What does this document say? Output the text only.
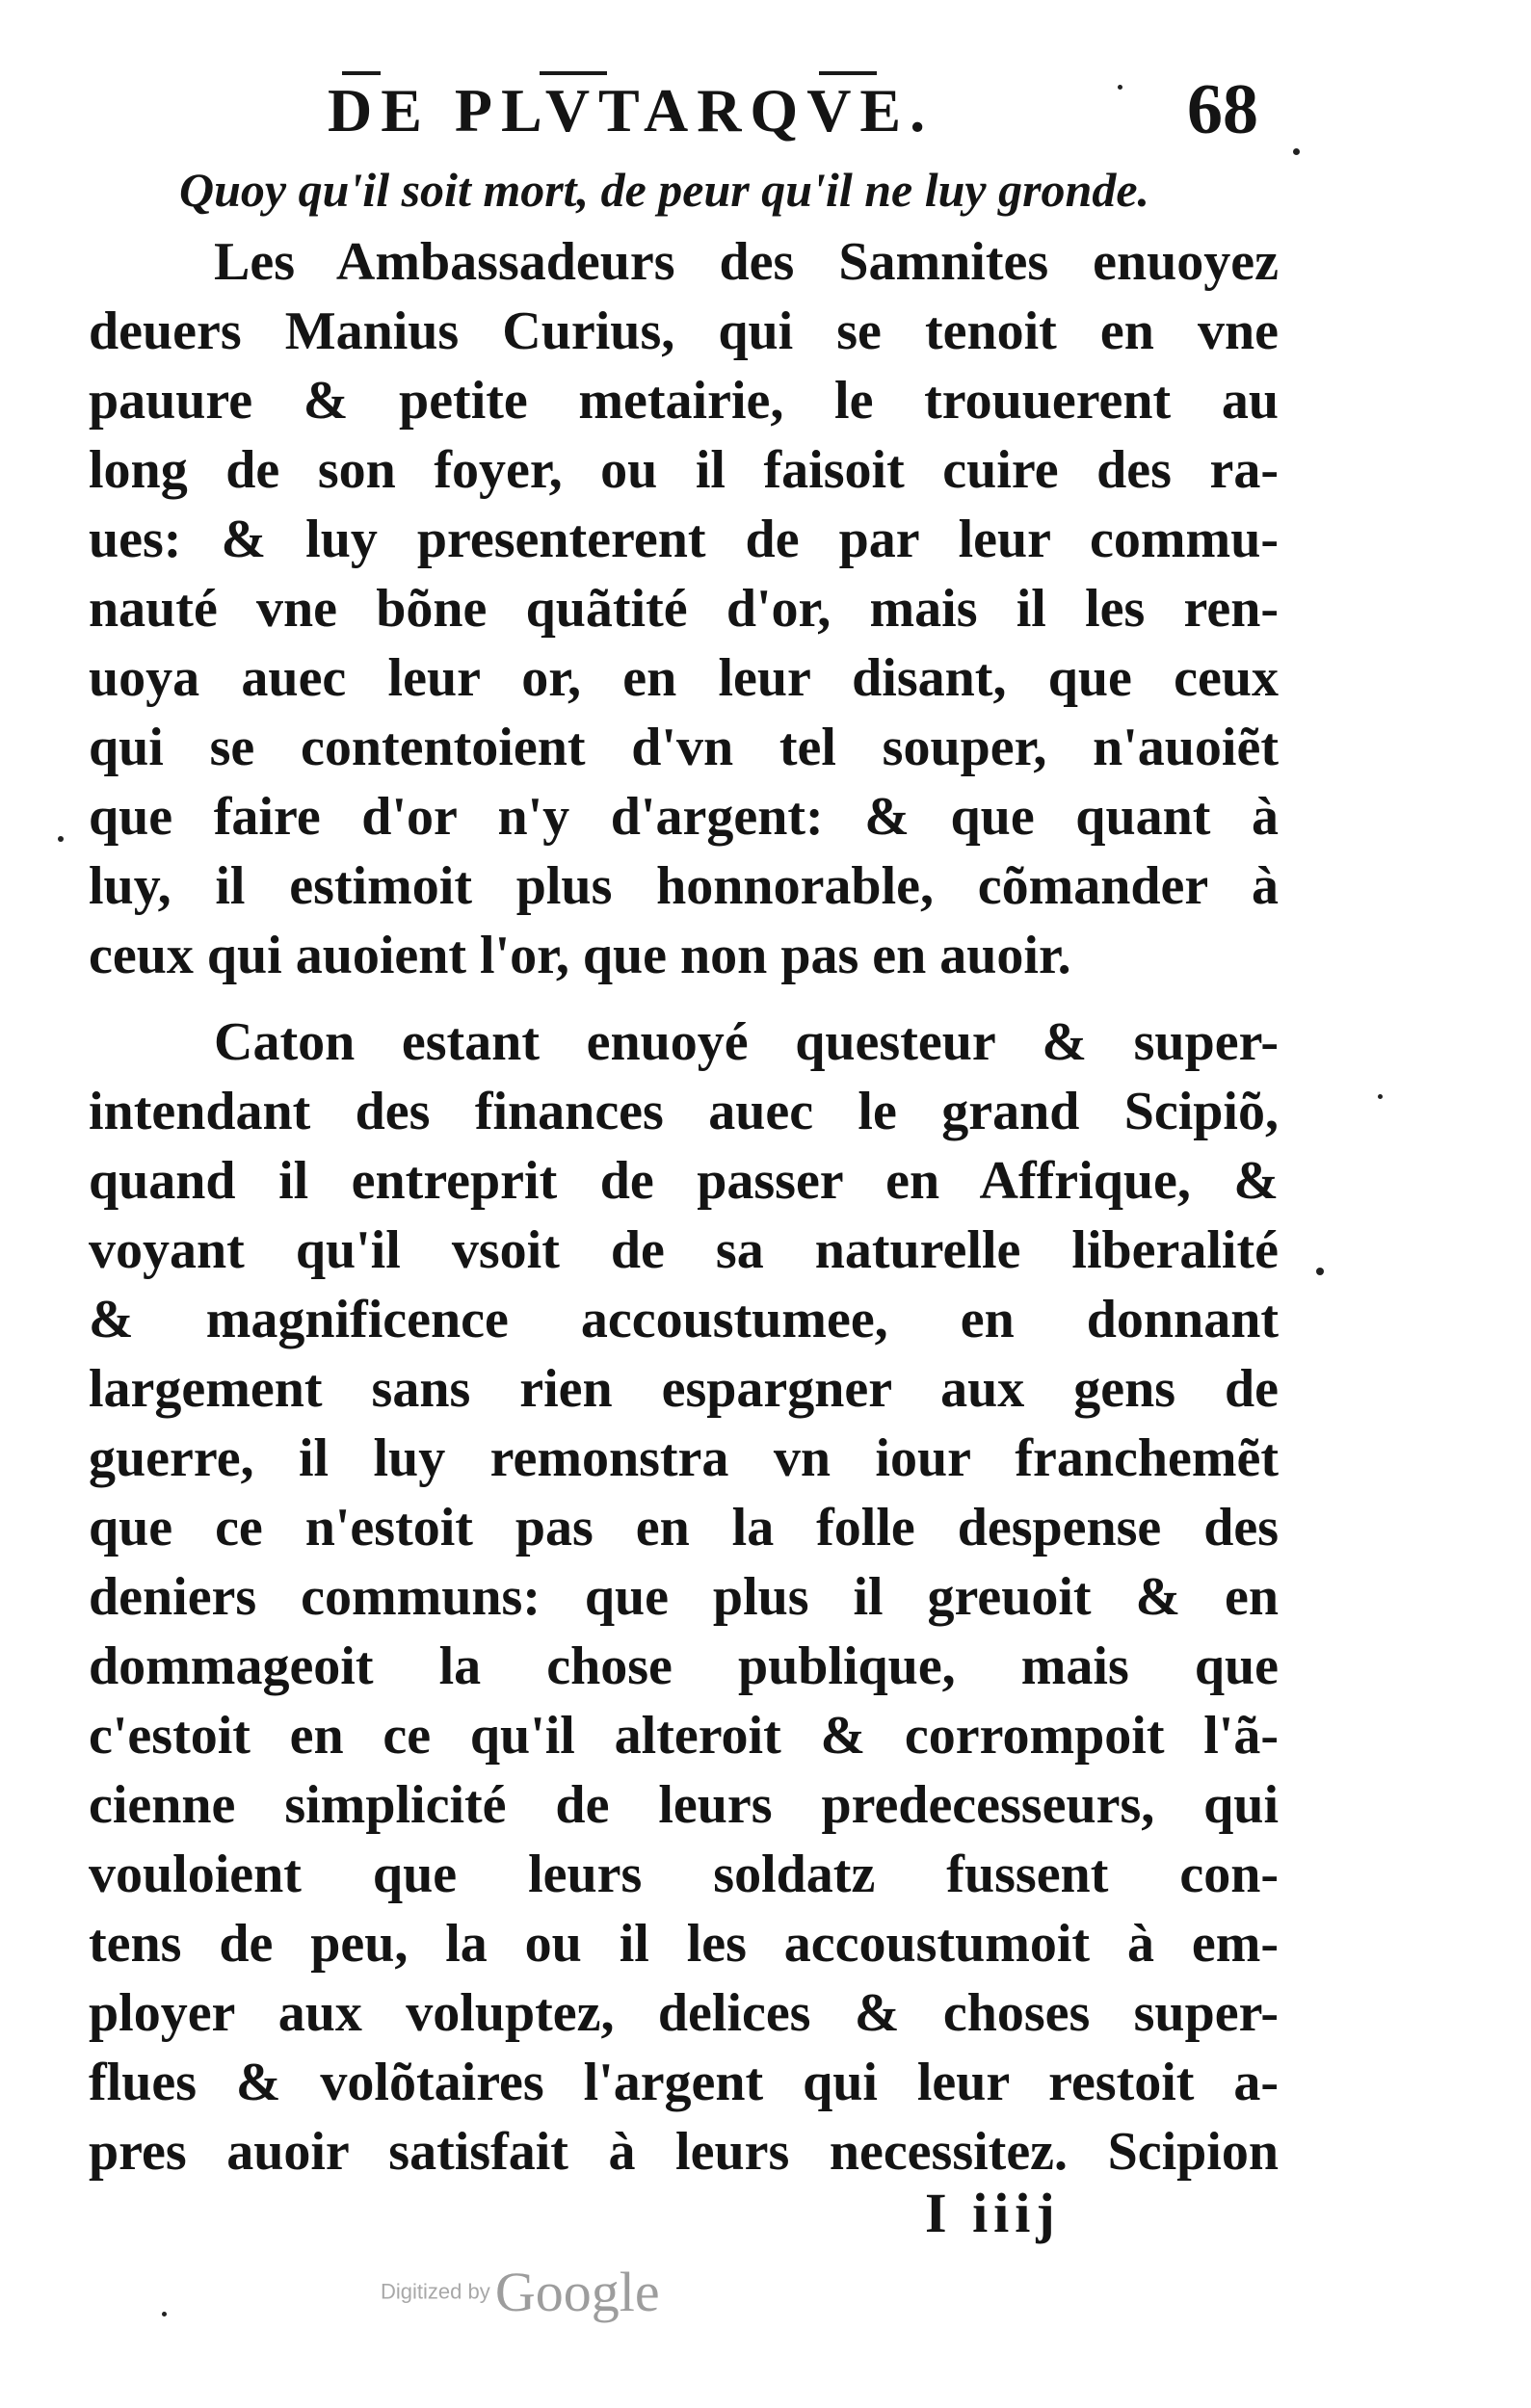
DE PLVTARQVE.	68
Quoy qu'il soit mort, de peur qu'il ne luy gronde.
Les Ambassadeurs des Samnites enuoyez
deuers Manius Curius, qui se tenoit en vne
pauure & petite metairie, le trouuerent au
long de son foyer, ou il faisoit cuire des ra-
ues: & luy presenterent de par leur commu-
nauté vne bõne quãtité d'or, mais il les ren-
uoya auec leur or, en leur disant, que ceux
qui se contentoient d'vn tel souper, n'auoiẽt
que faire d'or n'y d'argent: & que quant à
luy, il estimoit plus honnorable, cõmander à
ceux qui auoient l'or, que non pas en auoir.
Caton estant enuoyé questeur & super-
intendant des finances auec le grand Scipiõ,
quand il entreprit de passer en Affrique, &
voyant qu'il vsoit de sa naturelle liberalité
& magnificence accoustumee, en donnant
largement sans rien espargner aux gens de
guerre, il luy remonstra vn iour franchemẽt
que ce n'estoit pas en la folle despense des
deniers communs: que plus il greuoit & en
dommageoit la chose publique, mais que
c'estoit en ce qu'il alteroit & corrompoit l'ã-
cienne simplicité de leurs predecesseurs, qui
vouloient que leurs soldatz fussent con-
tens de peu, la ou il les accoustumoit à em-
ployer aux voluptez, delices & choses super-
flues & volõtaires l'argent qui leur restoit a-
pres auoir satisfait à leurs necessitez. Scipion
I iiij
Digitized by Google
